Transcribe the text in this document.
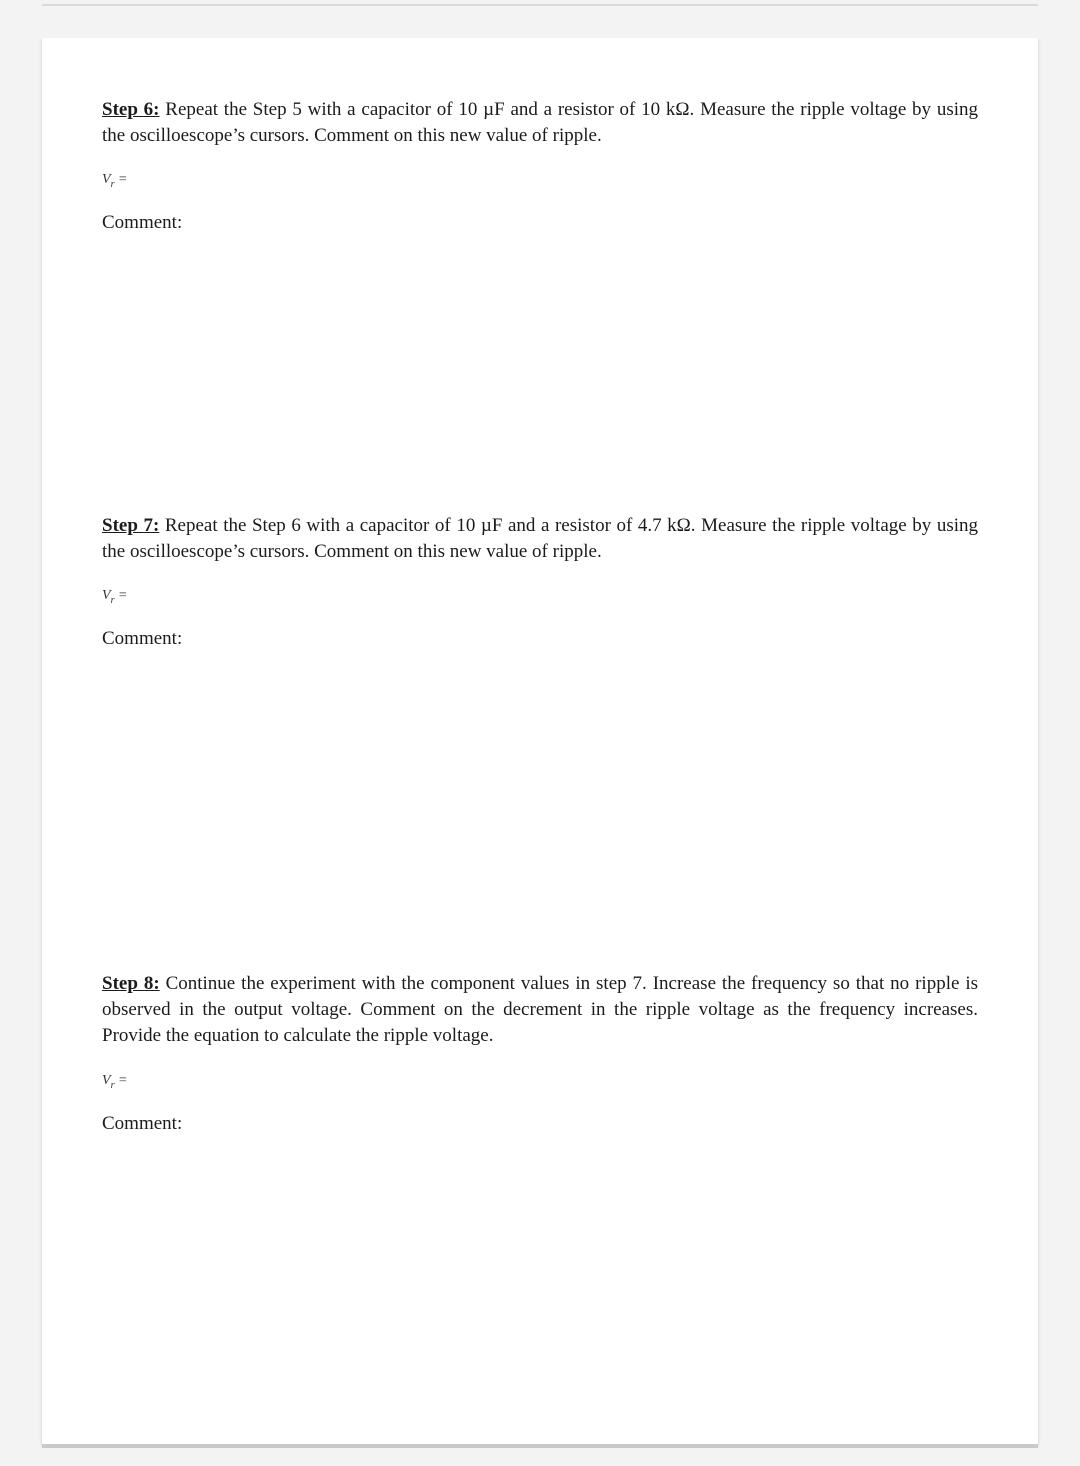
Step 6: Repeat the Step 5 with a capacitor of 10 µF and a resistor of 10 kΩ. Measure the ripple voltage by using the oscilloescope’s cursors. Comment on this new value of ripple.

$V_r$ =
Comment:

Step 7: Repeat the Step 6 with a capacitor of 10 µF and a resistor of 4.7 kΩ. Measure the ripple voltage by using the oscilloescope’s cursors. Comment on this new value of ripple.

$V_r$ =
Comment:

Step 8: Continue the experiment with the component values in step 7. Increase the frequency so that no ripple is observed in the output voltage. Comment on the decrement in the ripple voltage as the frequency increases. Provide the equation to calculate the ripple voltage.

$V_r$ =
Comment:
